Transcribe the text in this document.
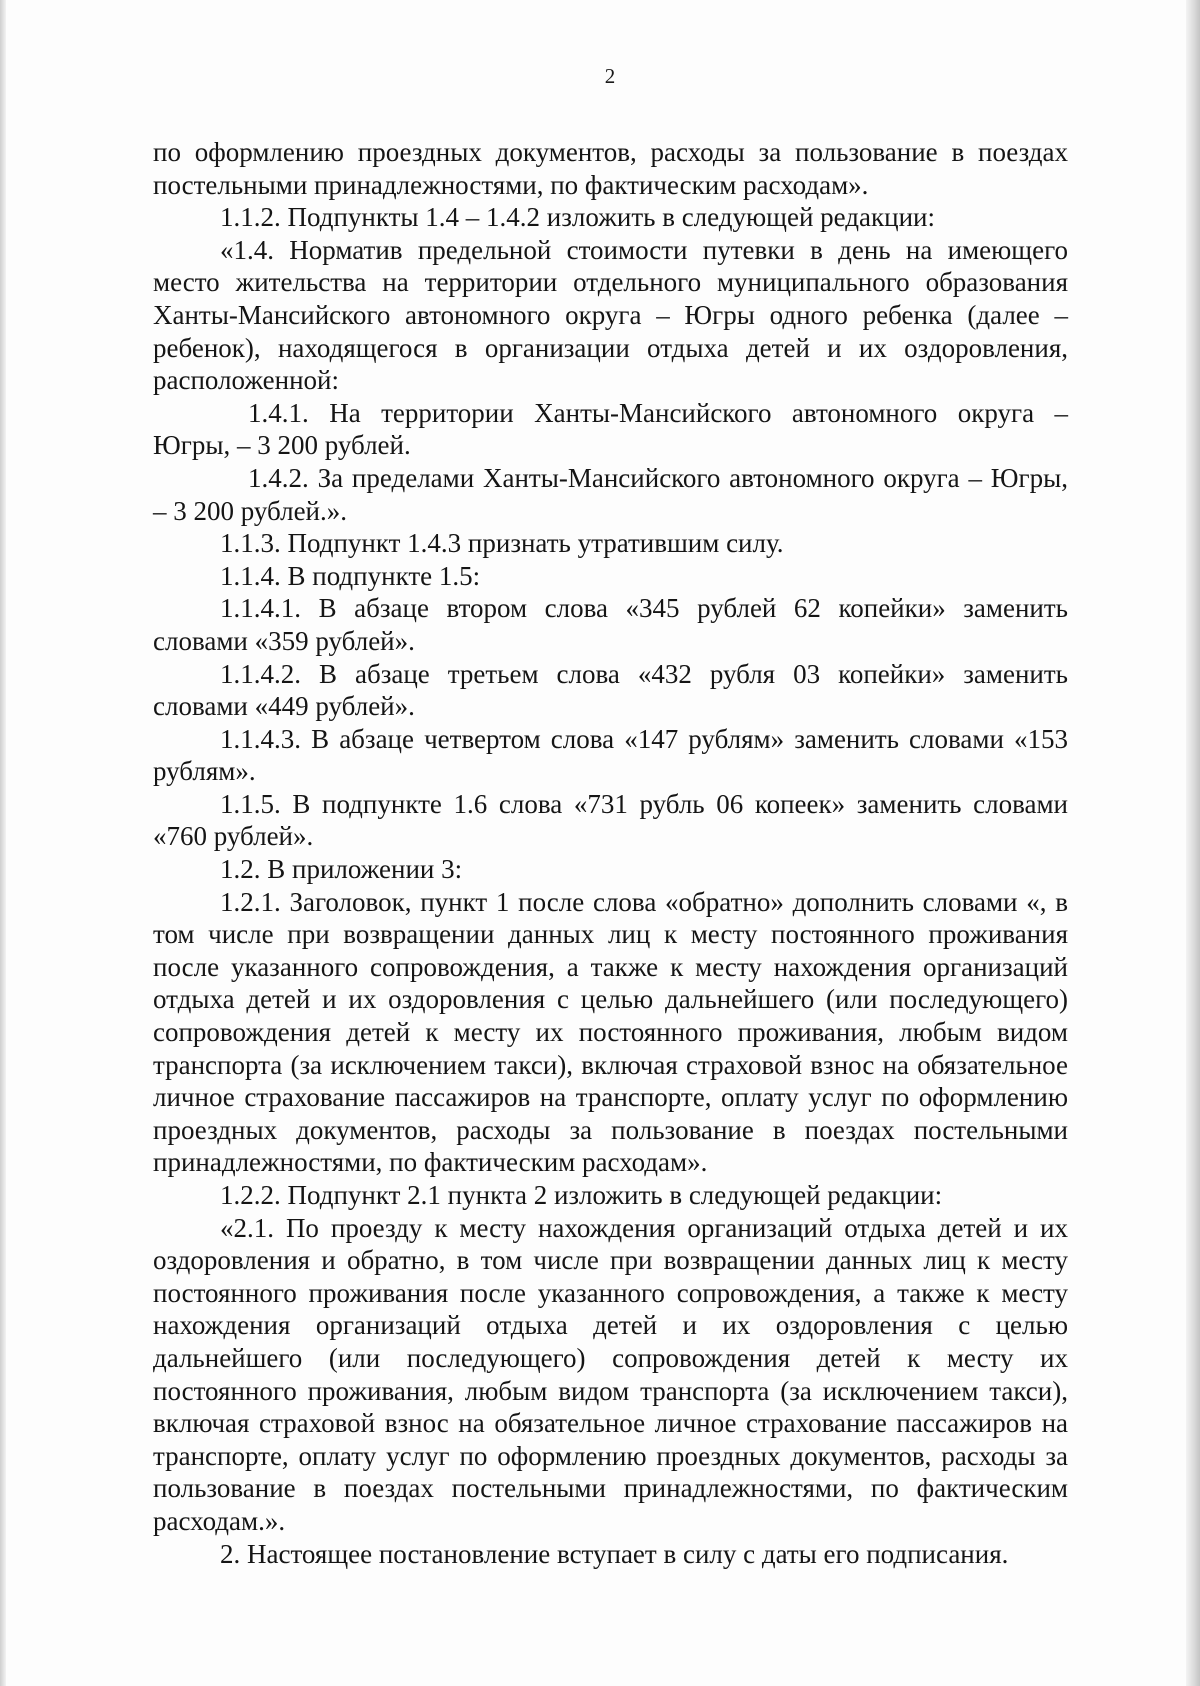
2

по оформлению проездных документов, расходы за пользование в поездах постельными принадлежностями, по фактическим расходам».

1.1.2. Подпункты 1.4 – 1.4.2 изложить в следующей редакции:

«1.4. Норматив предельной стоимости путевки в день на имеющего место жительства на территории отдельного муниципального образования Ханты-Мансийского автономного округа – Югры одного ребенка (далее – ребенок), находящегося в организации отдыха детей и их оздоровления, расположенной:

1.4.1. На территории Ханты-Мансийского автономного округа – Югры, – 3 200 рублей.

1.4.2. За пределами Ханты-Мансийского автономного округа – Югры, – 3 200 рублей.».

1.1.3. Подпункт 1.4.3 признать утратившим силу.

1.1.4. В подпункте 1.5:

1.1.4.1. В абзаце втором слова «345 рублей 62 копейки» заменить словами «359 рублей».

1.1.4.2. В абзаце третьем слова «432 рубля 03 копейки» заменить словами «449 рублей».

1.1.4.3. В абзаце четвертом слова «147 рублям» заменить словами «153 рублям».

1.1.5. В подпункте 1.6 слова «731 рубль 06 копеек» заменить словами «760 рублей».

1.2. В приложении 3:

1.2.1. Заголовок, пункт 1 после слова «обратно» дополнить словами «, в том числе при возвращении данных лиц к месту постоянного проживания после указанного сопровождения, а также к месту нахождения организаций отдыха детей и их оздоровления с целью дальнейшего (или последующего) сопровождения детей к месту их постоянного проживания, любым видом транспорта (за исключением такси), включая страховой взнос на обязательное личное страхование пассажиров на транспорте, оплату услуг по оформлению проездных документов, расходы за пользование в поездах постельными принадлежностями, по фактическим расходам».

1.2.2. Подпункт 2.1 пункта 2 изложить в следующей редакции:

«2.1. По проезду к месту нахождения организаций отдыха детей и их оздоровления и обратно, в том числе при возвращении данных лиц к месту постоянного проживания после указанного сопровождения, а также к месту нахождения организаций отдыха детей и их оздоровления с целью дальнейшего (или последующего) сопровождения детей к месту их постоянного проживания, любым видом транспорта (за исключением такси), включая страховой взнос на обязательное личное страхование пассажиров на транспорте, оплату услуг по оформлению проездных документов, расходы за пользование в поездах постельными принадлежностями, по фактическим расходам.».

2. Настоящее постановление вступает в силу с даты его подписания.
